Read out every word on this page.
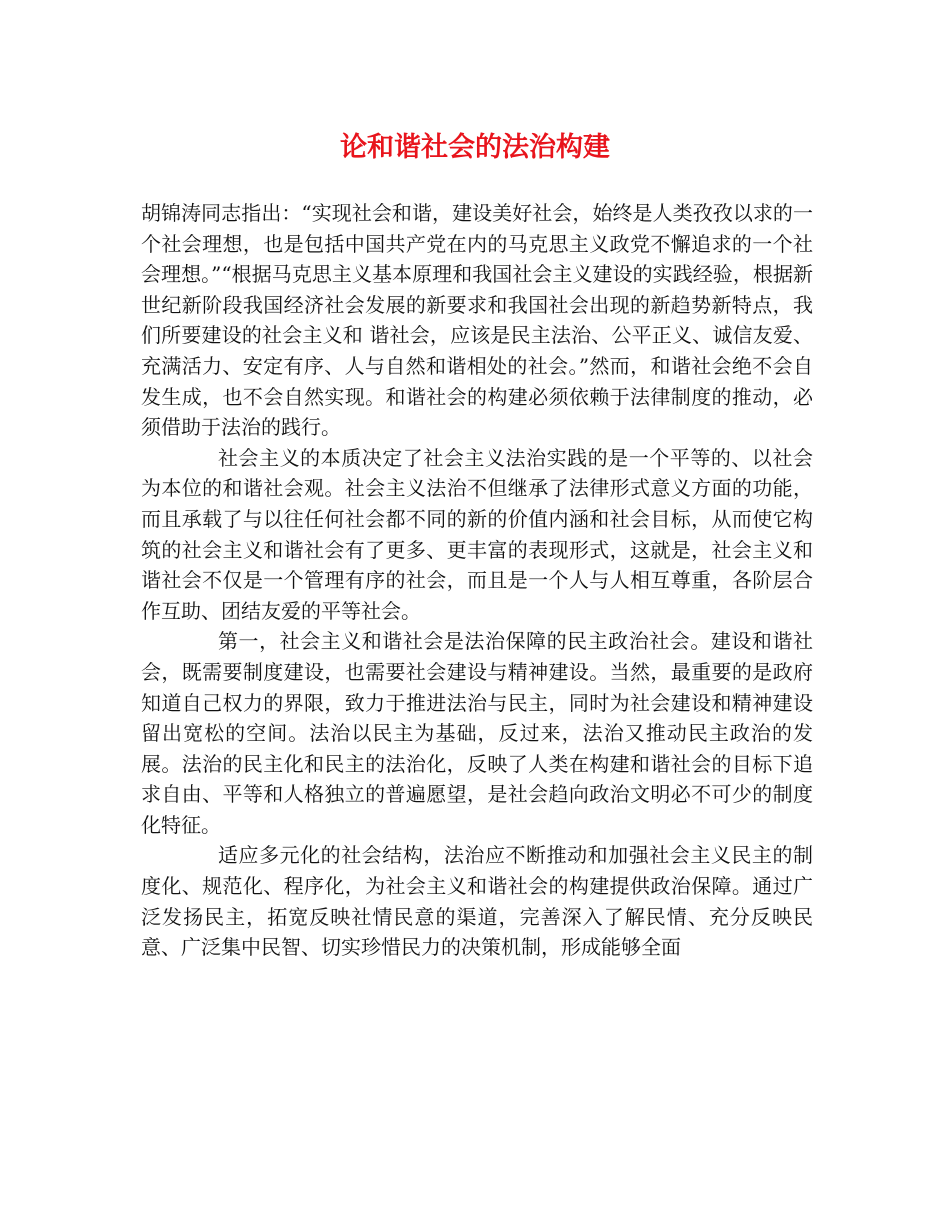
论和谐社会的法治构建

胡锦涛同志指出：“实现社会和谐，建设美好社会，始终是人类孜孜以求的一个社会理想，也是包括中国共产党在内的马克思主义政党不懈追求的一个社会理想。”“根据马克思主义基本原理和我国社会主义建设的实践经验，根据新世纪新阶段我国经济社会发展的新要求和我国社会出现的新趋势新特点，我们所要建设的社会主义和 谐社会，应该是民主法治、公平正义、诚信友爱、充满活力、安定有序、人与自然和谐相处的社会。”然而，和谐社会绝不会自发生成，也不会自然实现。和谐社会的构建必须依赖于法律制度的推动，必须借助于法治的践行。

社会主义的本质决定了社会主义法治实践的是一个平等的、以社会为本位的和谐社会观。社会主义法治不但继承了法律形式意义方面的功能，而且承载了与以往任何社会都不同的新的价值内涵和社会目标，从而使它构筑的社会主义和谐社会有了更多、更丰富的表现形式，这就是，社会主义和谐社会不仅是一个管理有序的社会，而且是一个人与人相互尊重，各阶层合作互助、团结友爱的平等社会。

第一，社会主义和谐社会是法治保障的民主政治社会。建设和谐社会，既需要制度建设，也需要社会建设与精神建设。当然，最重要的是政府知道自己权力的界限，致力于推进法治与民主，同时为社会建设和精神建设留出宽松的空间。法治以民主为基础，反过来，法治又推动民主政治的发展。法治的民主化和民主的法治化，反映了人类在构建和谐社会的目标下追求自由、平等和人格独立的普遍愿望，是社会趋向政治文明必不可少的制度化特征。

适应多元化的社会结构，法治应不断推动和加强社会主义民主的制度化、规范化、程序化，为社会主义和谐社会的构建提供政治保障。通过广泛发扬民主，拓宽反映社情民意的渠道，完善深入了解民情、充分反映民意、广泛集中民智、切实珍惜民力的决策机制，形成能够全面
